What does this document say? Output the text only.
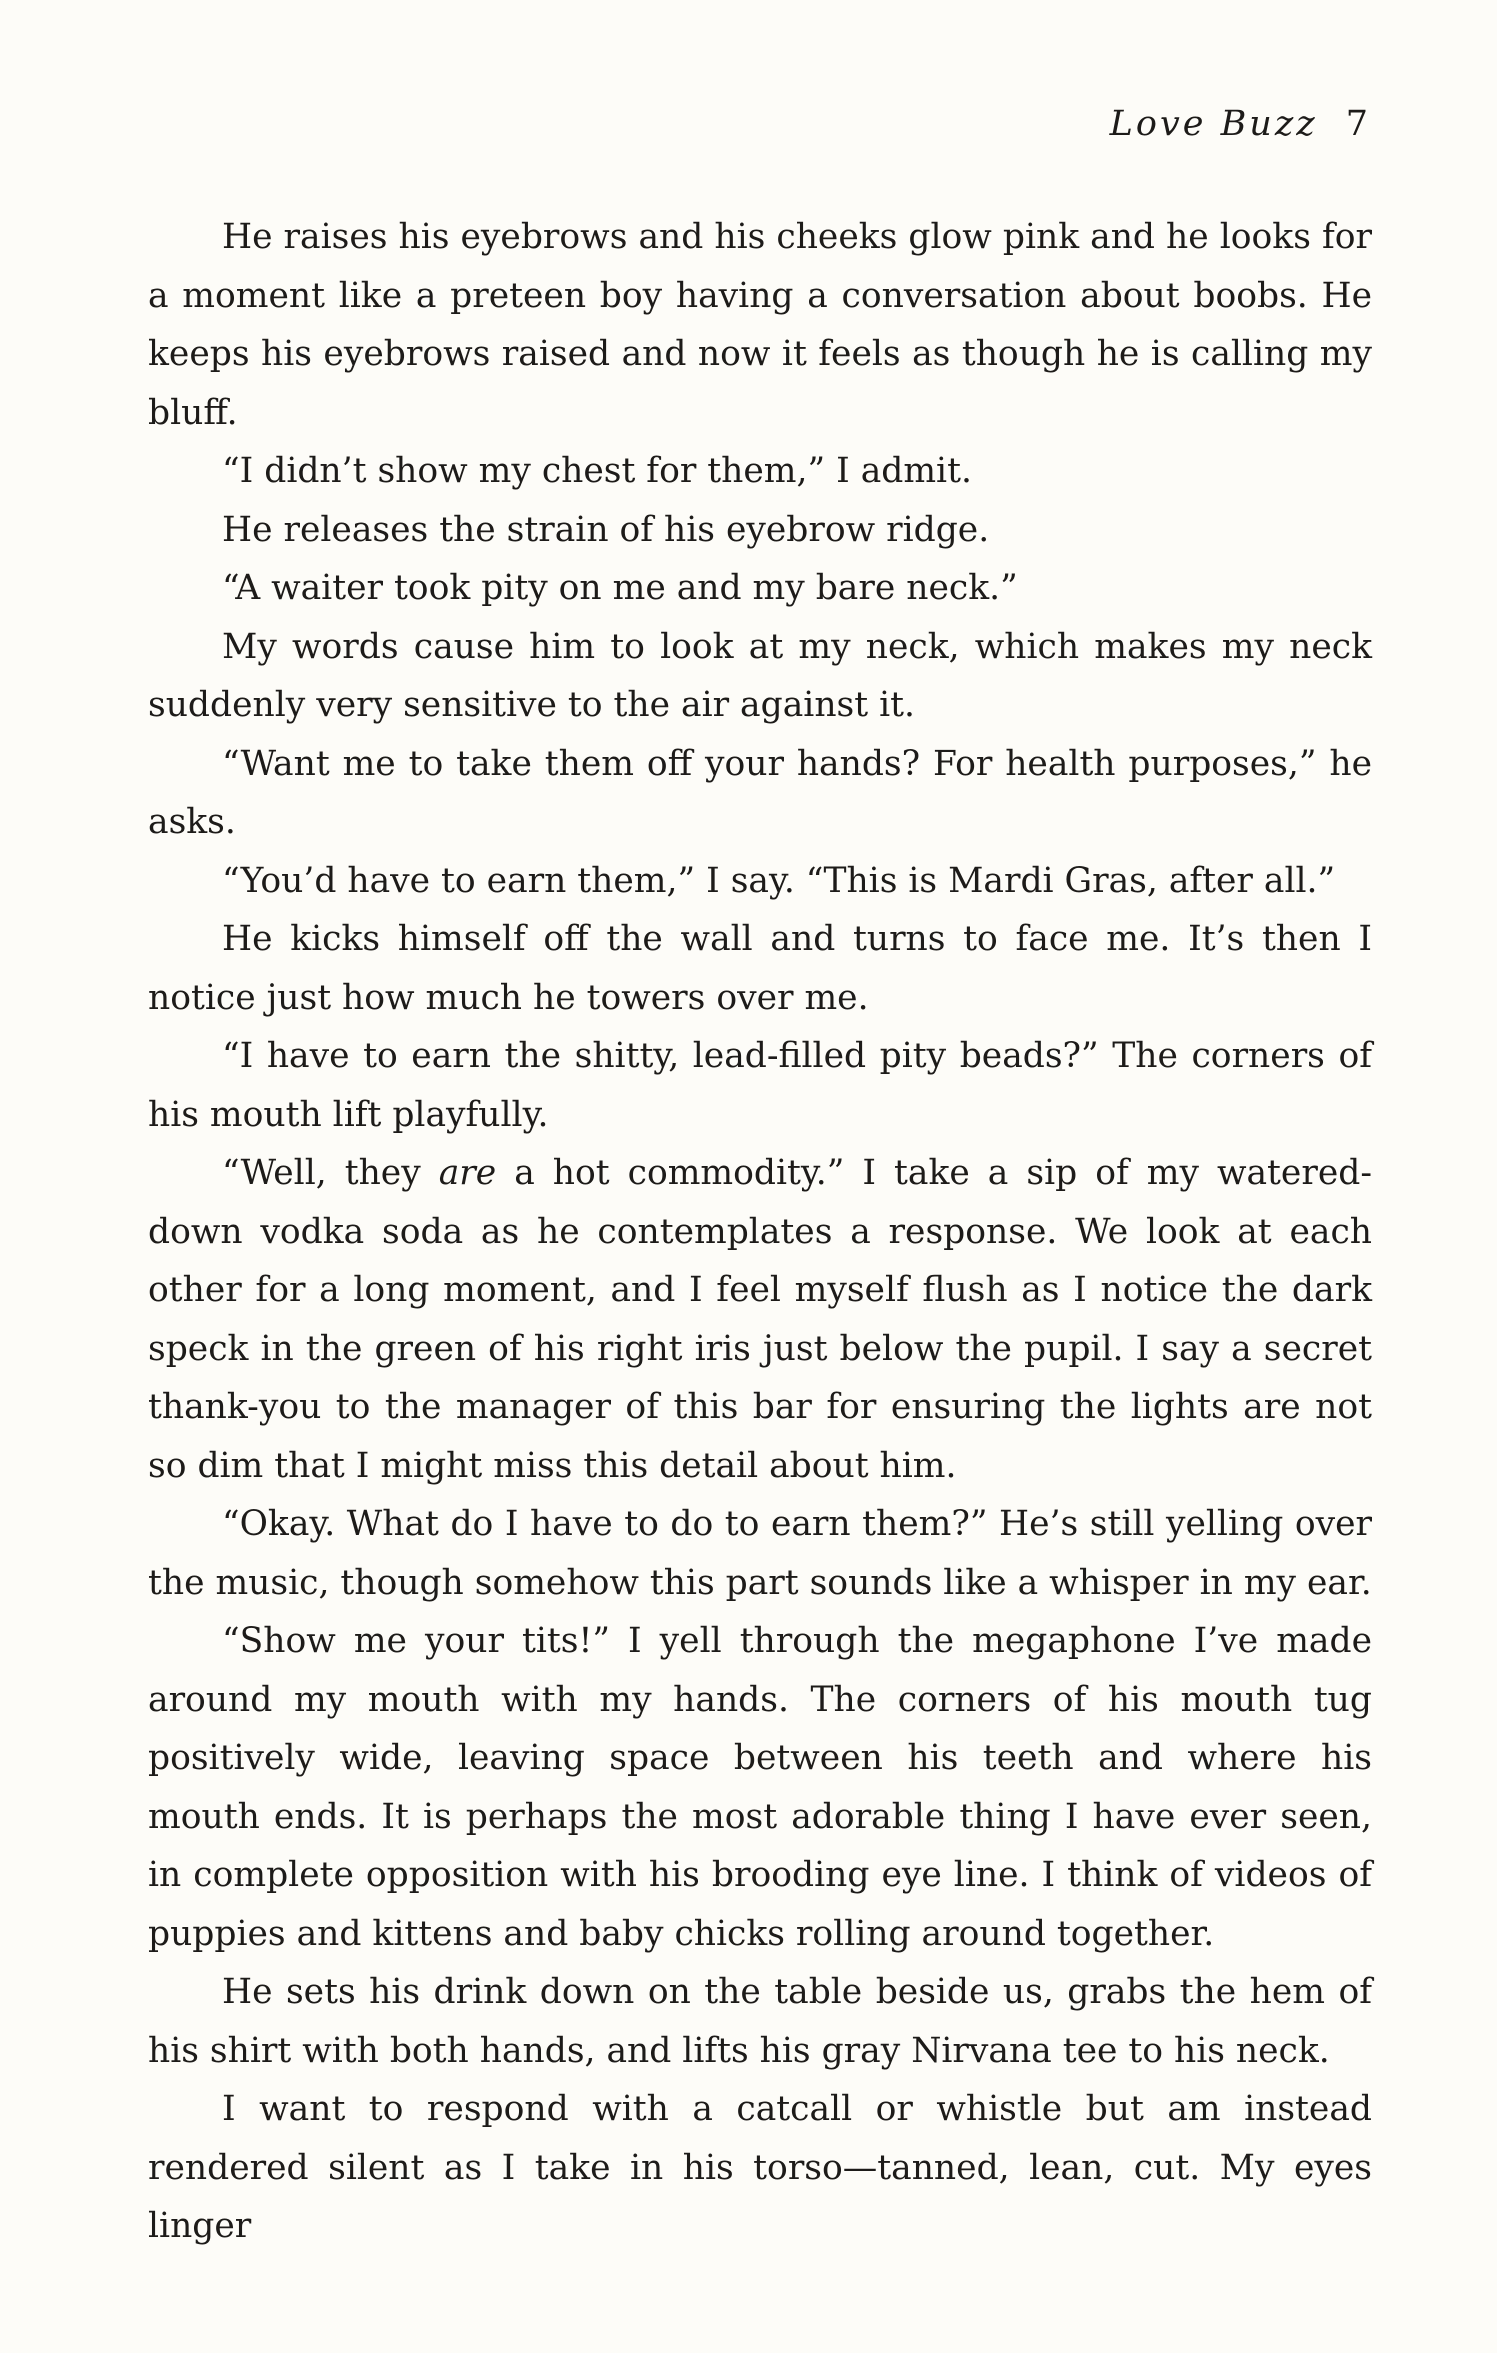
Love Buzz 7

He raises his eyebrows and his cheeks glow pink and he looks for a moment like a preteen boy having a conversation about boobs. He keeps his eyebrows raised and now it feels as though he is calling my bluff.

“I didn’t show my chest for them,” I admit.

He releases the strain of his eyebrow ridge.

“A waiter took pity on me and my bare neck.”

My words cause him to look at my neck, which makes my neck suddenly very sensitive to the air against it.

“Want me to take them off your hands? For health purposes,” he asks.

“You’d have to earn them,” I say. “This is Mardi Gras, after all.”

He kicks himself off the wall and turns to face me. It’s then I notice just how much he towers over me.

“I have to earn the shitty, lead-filled pity beads?” The corners of his mouth lift playfully.

“Well, they are a hot commodity.” I take a sip of my watered-down vodka soda as he contemplates a response. We look at each other for a long moment, and I feel myself flush as I notice the dark speck in the green of his right iris just below the pupil. I say a secret thank-you to the manager of this bar for ensuring the lights are not so dim that I might miss this detail about him.

“Okay. What do I have to do to earn them?” He’s still yelling over the music, though somehow this part sounds like a whisper in my ear.

“Show me your tits!” I yell through the megaphone I’ve made around my mouth with my hands. The corners of his mouth tug positively wide, leaving space between his teeth and where his mouth ends. It is perhaps the most adorable thing I have ever seen, in complete opposition with his brooding eye line. I think of videos of puppies and kittens and baby chicks rolling around together.

He sets his drink down on the table beside us, grabs the hem of his shirt with both hands, and lifts his gray Nirvana tee to his neck.

I want to respond with a catcall or whistle but am instead rendered silent as I take in his torso—tanned, lean, cut. My eyes linger
